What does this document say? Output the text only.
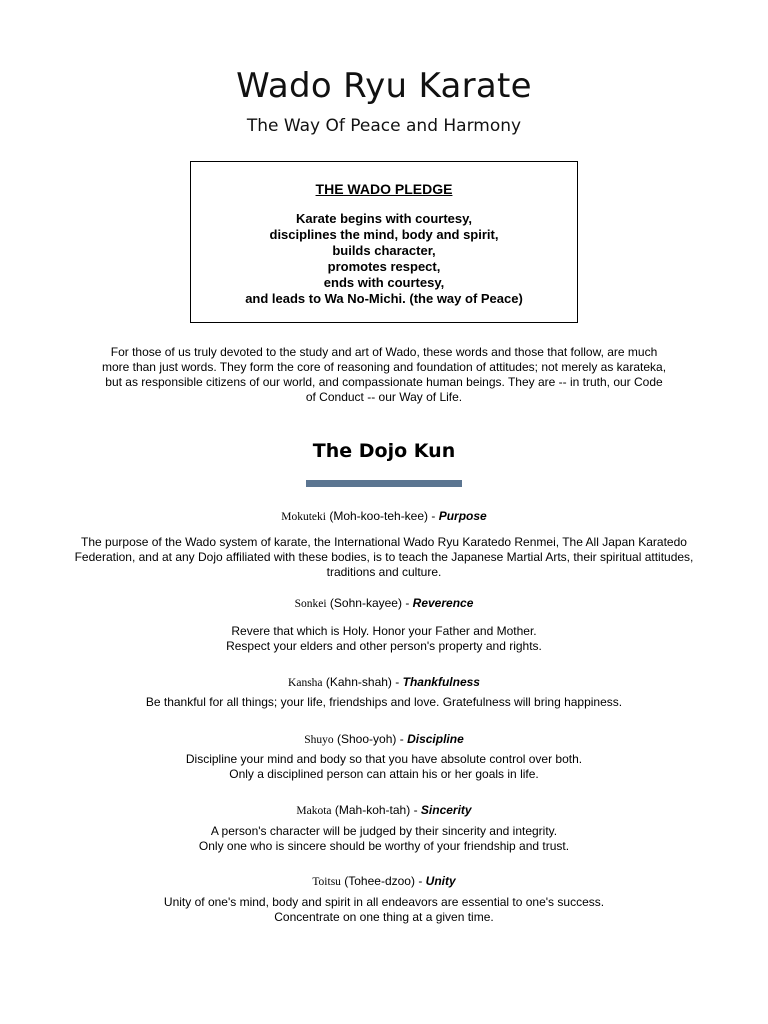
Wado Ryu Karate
The Way Of Peace and Harmony
THE WADO PLEDGE
Karate begins with courtesy,
disciplines the mind, body and spirit,
builds character,
promotes respect,
ends with courtesy,
and leads to Wa No-Michi. (the way of Peace)
For those of us truly devoted to the study and art of Wado, these words and those that follow, are much more than just words. They form the core of reasoning and foundation of attitudes; not merely as karateka, but as responsible citizens of our world, and compassionate human beings. They are -- in truth, our Code of Conduct -- our Way of Life.
The Dojo Kun
Mokuteki (Moh-koo-teh-kee) - Purpose
The purpose of the Wado system of karate, the International Wado Ryu Karatedo Renmei, The All Japan Karatedo Federation, and at any Dojo affiliated with these bodies, is to teach the Japanese Martial Arts, their spiritual attitudes, traditions and culture.
Sonkei (Sohn-kayee) - Reverence
Revere that which is Holy. Honor your Father and Mother.
Respect your elders and other person's property and rights.
Kansha (Kahn-shah) - Thankfulness
Be thankful for all things; your life, friendships and love. Gratefulness will bring happiness.
Shuyo (Shoo-yoh) - Discipline
Discipline your mind and body so that you have absolute control over both.
Only a disciplined person can attain his or her goals in life.
Makota (Mah-koh-tah) - Sincerity
A person's character will be judged by their sincerity and integrity.
Only one who is sincere should be worthy of your friendship and trust.
Toitsu (Tohee-dzoo) - Unity
Unity of one's mind, body and spirit in all endeavors are essential to one's success.
Concentrate on one thing at a given time.
